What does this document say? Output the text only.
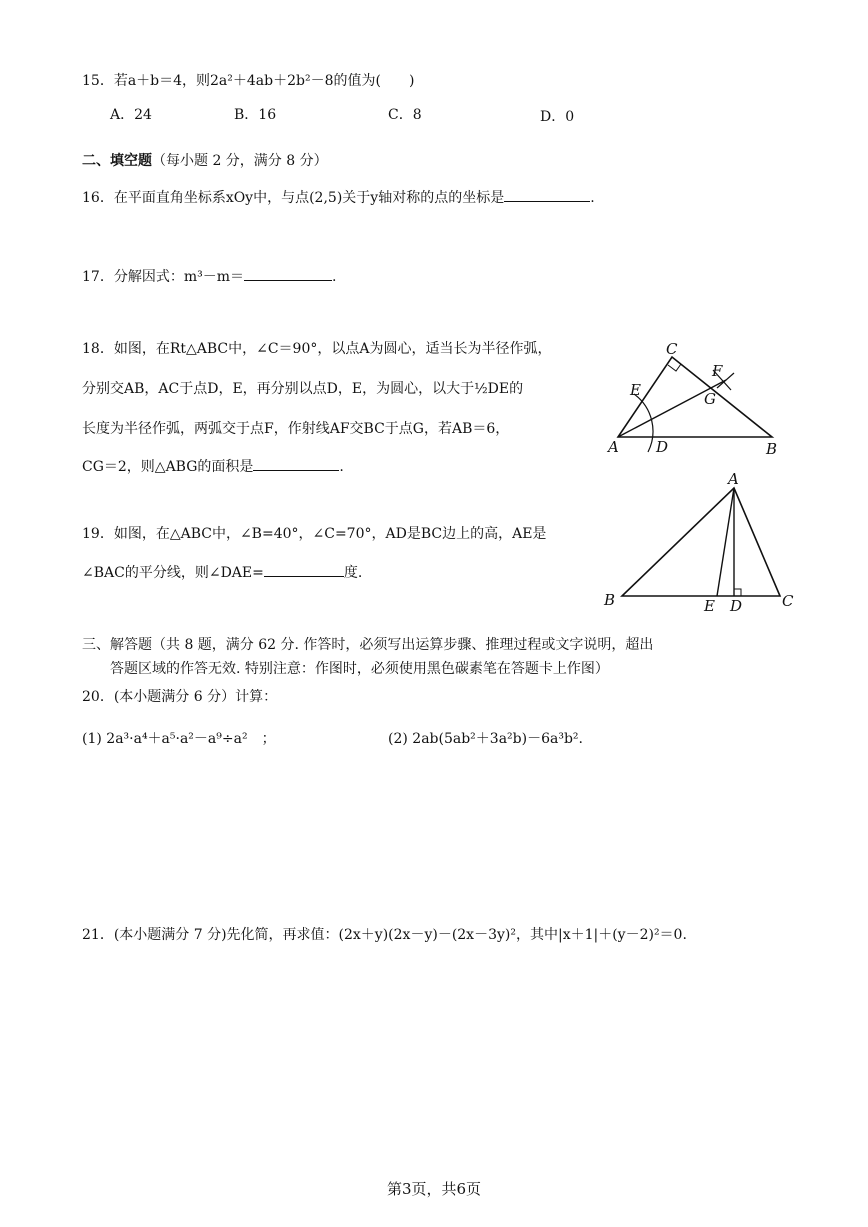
15．若a＋b＝4，则2a²＋4ab＋2b²－8的值为(　　)
A．24	B．16	C．8	D．0
二、填空题（每小题 2 分，满分 8 分）
16．在平面直角坐标系xOy中，与点(2,5)关于y轴对称的点的坐标是	.
17．分解因式：m³－m＝	.
18．如图，在Rt△ABC中，∠C＝90°，以点A为圆心，适当长为半径作弧，
分别交AB，AC于点D，E，再分别以点D，E，为圆心，以大于½DE的
长度为半径作弧，两弧交于点F，作射线AF交BC于点G，若AB＝6，
CG＝2，则△ABG的面积是	.
C
E
F
G
A D	B
19．如图，在△ABC中，∠B=40°，∠C=70°，AD是BC边上的高，AE是
∠BAC的平分线，则∠DAE=	度.
A
B	E D	C
三、解答题（共 8 题，满分 62 分. 作答时，必须写出运算步骤、推理过程或文字说明，超出
答题区域的作答无效. 特别注意：作图时，必须使用黑色碳素笔在答题卡上作图）
20．(本小题满分 6 分）计算：
(1) 2a³·a⁴＋a⁵·a²－a⁹÷a²　；	(2) 2ab(5ab²＋3a²b)－6a³b².
21．(本小题满分 7 分)先化简，再求值：(2x＋y)(2x－y)－(2x－3y)²，其中|x＋1|＋(y－2)²＝0.
第3页，共6页
